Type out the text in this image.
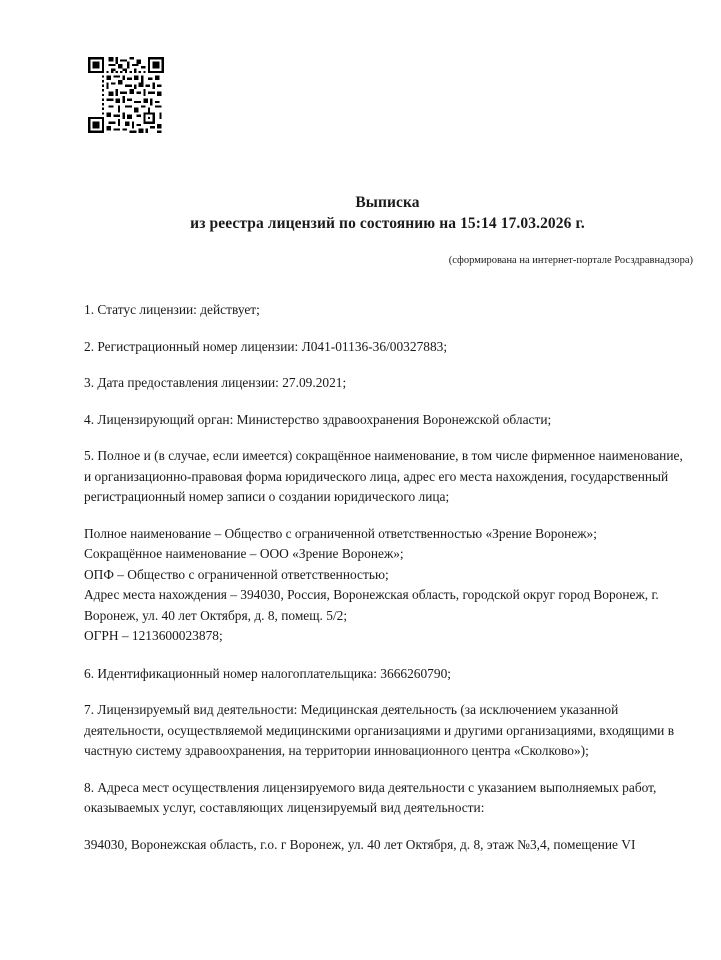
Выписка
из реестра лицензий по состоянию на 15:14 17.03.2026 г.
(сформирована на интернет-портале Росздравнадзора)

1. Статус лицензии: действует;

2. Регистрационный номер лицензии: Л041-01136-36/00327883;

3. Дата предоставления лицензии: 27.09.2021;

4. Лицензирующий орган: Министерство здравоохранения Воронежской области;

5. Полное и (в случае, если имеется) сокращённое наименование, в том числе фирменное наименование, и организационно-правовая форма юридического лица, адрес его места нахождения, государственный регистрационный номер записи о создании юридического лица;

Полное наименование – Общество с ограниченной ответственностью «Зрение Воронеж»;
Сокращённое наименование – ООО «Зрение Воронеж»;
ОПФ – Общество с ограниченной ответственностью;
Адрес места нахождения – 394030, Россия, Воронежская область, городской округ город Воронеж, г. Воронеж, ул. 40 лет Октября, д. 8, помещ. 5/2;
ОГРН – 1213600023878;

6. Идентификационный номер налогоплательщика: 3666260790;

7. Лицензируемый вид деятельности: Медицинская деятельность (за исключением указанной деятельности, осуществляемой медицинскими организациями и другими организациями, входящими в частную систему здравоохранения, на территории инновационного центра «Сколково»);

8. Адреса мест осуществления лицензируемого вида деятельности с указанием выполняемых работ, оказываемых услуг, составляющих лицензируемый вид деятельности:

394030, Воронежская область, г.о. г Воронеж, ул. 40 лет Октября, д. 8, этаж №3,4, помещение VI
